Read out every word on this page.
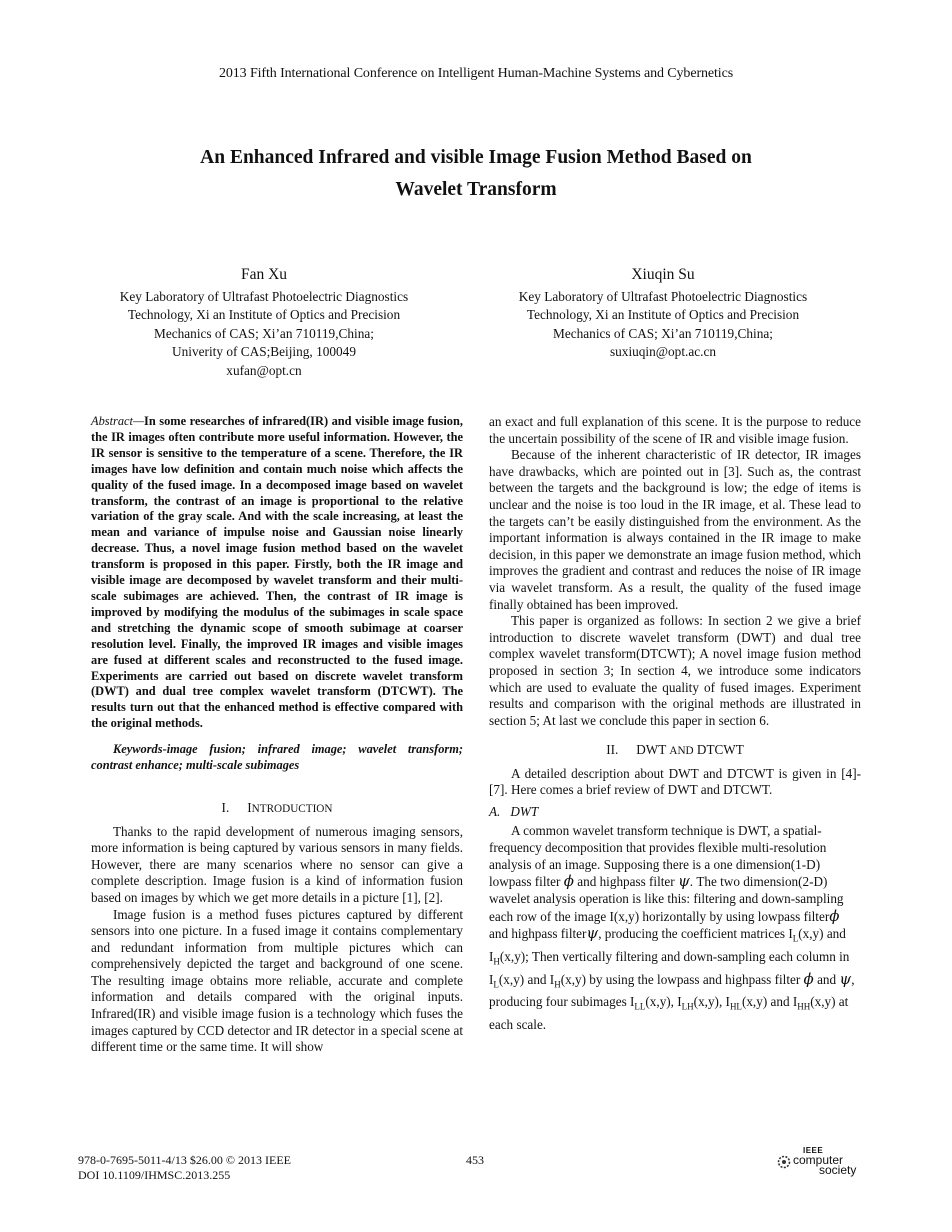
2013 Fifth International Conference on Intelligent Human-Machine Systems and Cybernetics
An Enhanced Infrared and visible Image Fusion Method Based on
Wavelet Transform
Fan Xu
Key Laboratory of Ultrafast Photoelectric Diagnostics
Technology, Xi an Institute of Optics and Precision
Mechanics of CAS; Xi’an 710119,China;
Univerity of CAS;Beijing, 100049
xufan@opt.cn
Xiuqin Su
Key Laboratory of Ultrafast Photoelectric Diagnostics
Technology, Xi an Institute of Optics and Precision
Mechanics of CAS; Xi’an 710119,China;
suxiuqin@opt.ac.cn

Abstract—In some researches of infrared(IR) and visible image fusion, the IR images often contribute more useful information. However, the IR sensor is sensitive to the temperature of a scene. Therefore, the IR images have low definition and contain much noise which affects the quality of the fused image. In a decomposed image based on wavelet transform, the contrast of an image is proportional to the relative variation of the gray scale. And with the scale increasing, at least the mean and variance of impulse noise and Gaussian noise linearly decrease. Thus, a novel image fusion method based on the wavelet transform is proposed in this paper. Firstly, both the IR image and visible image are decomposed by wavelet transform and their multi-scale subimages are achieved. Then, the contrast of IR image is improved by modifying the modulus of the subimages in scale space and stretching the dynamic scope of smooth subimage at coarser resolution level. Finally, the improved IR images and visible images are fused at different scales and reconstructed to the fused image. Experiments are carried out based on discrete wavelet transform (DWT) and dual tree complex wavelet transform (DTCWT). The results turn out that the enhanced method is effective compared with the original methods.

Keywords-image fusion; infrared image; wavelet transform; contrast enhance; multi-scale subimages

I. INTRODUCTION

Thanks to the rapid development of numerous imaging sensors, more information is being captured by various sensors in many fields. However, there are many scenarios where no sensor can give a complete description. Image fusion is a kind of information fusion based on images by which we get more details in a picture [1], [2].

Image fusion is a method fuses pictures captured by different sensors into one picture. In a fused image it contains complementary and redundant information from multiple pictures which can comprehensively depicted the target and background of one scene. The resulting image obtains more reliable, accurate and complete information and details compared with the original inputs. Infrared(IR) and visible image fusion is a technology which fuses the images captured by CCD detector and IR detector in a special scene at different time or the same time. It will show

an exact and full explanation of this scene. It is the purpose to reduce the uncertain possibility of the scene of IR and visible image fusion.

Because of the inherent characteristic of IR detector, IR images have drawbacks, which are pointed out in [3]. Such as, the contrast between the targets and the background is low; the edge of items is unclear and the noise is too loud in the IR image, et al. These lead to the targets can’t be easily distinguished from the environment. As the important information is always contained in the IR image to make decision, in this paper we demonstrate an image fusion method, which improves the gradient and contrast and reduces the noise of IR image via wavelet transform. As a result, the quality of the fused image finally obtained has been improved.

This paper is organized as follows: In section 2 we give a brief introduction to discrete wavelet transform (DWT) and dual tree complex wavelet transform(DTCWT); A novel image fusion method proposed in section 3; In section 4, we introduce some indicators which are used to evaluate the quality of fused images. Experiment results and comparison with the original methods are illustrated in section 5; At last we conclude this paper in section 6.

II. DWT AND DTCWT

A detailed description about DWT and DTCWT is given in [4]-[7]. Here comes a brief review of DWT and DTCWT.

A. DWT

A common wavelet transform technique is DWT, a spatial-frequency decomposition that provides flexible multi-resolution analysis of an image. Supposing there is a one dimension(1-D) lowpass filter ϕ and highpass filter ψ. The two dimension(2-D) wavelet analysis operation is like this: filtering and down-sampling each row of the image I(x,y) horizontally by using lowpass filterϕ and highpass filterψ, producing the coefficient matrices $I_L(x,y)$ and $I_H(x,y)$; Then vertically filtering and down-sampling each column in $I_L(x,y)$ and $I_H(x,y)$ by using the lowpass and highpass filter ϕ and ψ, producing four subimages $I_{LL}(x,y)$, $I_{LH}(x,y)$, $I_{HL}(x,y)$ and $I_{HH}(x,y)$ at each scale.

978-0-7695-5011-4/13 $26.00 © 2013 IEEE
DOI 10.1109/IHMSC.2013.255
453
IEEE
computer
society
